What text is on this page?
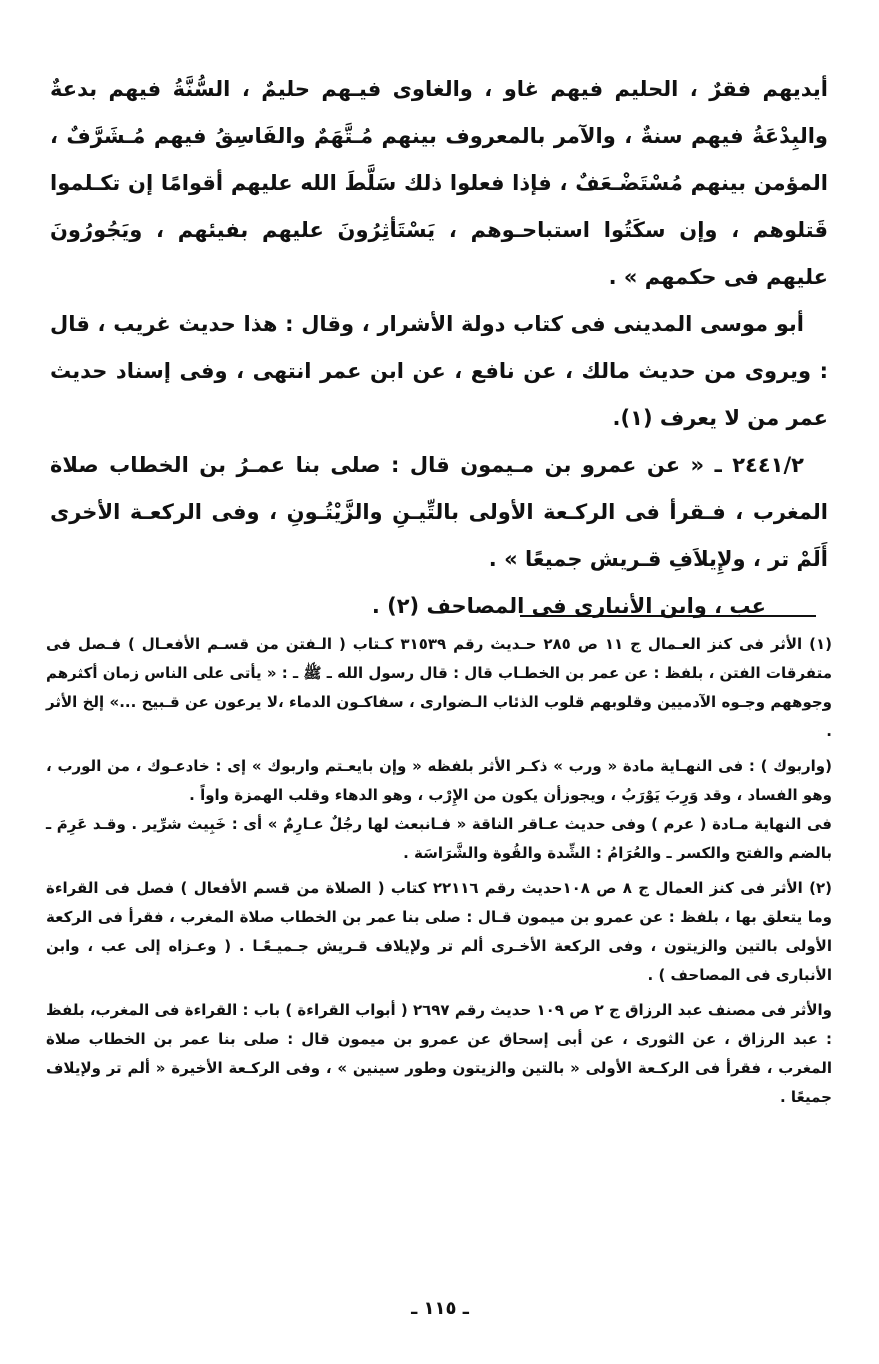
أيديهم فقرٌ ، الحليم فيهم غاو ، والغاوى فيـهم حليمٌ ، السُّنَّةُ فيهم بدعةٌ والبِدْعَةُ فيهم سنةٌ ، والآمر بالمعروف بينهم مُـتَّهَمٌ والفَاسِقُ فيهم مُـشَرَّفٌ ، المؤمن بينهم مُسْتَضْـعَفٌ ، فإذا فعلوا ذلك سَلَّطَ الله عليهم أقوامًا إن تكـلموا قَتلوهم ، وإن سكَتُوا استباحـوهم ، يَسْتَأثِرُونَ عليهم بفيئهم ، ويَجُورُونَ عليهم فى حكمهم » .

أبو موسى المدينى فى كتاب دولة الأشرار ، وقال : هذا حديث غريب ، قال : ويروى من حديث مالك ، عن نافع ، عن ابن عمر انتهى ، وفى إسناد حديث عمر من لا يعرف (١).

٢٤٤١/٢ ـ « عن عمرو بن مـيمون قال : صلى بنا عمـرُ بن الخطاب صلاة المغرب ، فـقرأ فى الركـعة الأولى بالتِّيـنِ والزَّيْتُـونِ ، وفى الركعـة الأخرى أَلَمْ تر ، ولإِيلاَفِ قـريش جميعًا » .

عب ، وابن الأنبارى فى المصاحف (٢) .

(١) الأثر فى كنز العـمال ج ١١ ص ٢٨٥ حـديث رقم ٣١٥٣٩ كـتاب ( الـفتن من قسـم الأفعـال ) فـصل فى متفرقات الفتن ، بلفظ : عن عمر بن الخطـاب قال : قال رسول الله ـ ﷺ ـ : « يأتى على الناس زمان أكثرهم وجوههم وجـوه الآدميين وقلوبهم قلوب الذئاب الـضوارى ، سفاكـون الدماء ،لا يرعون عن قـبيح ...» إلخ الأثر .

(واربوك ) : فى النهـاية مادة « ورب » ذكـر الأثر بلفظه « وإن بايعـتم واربوك » إى : خادعـوك ، من الورب ، وهو الفساد ، وقد وَرِبَ يَوْرَبُ ، ويجوزأن يكون من الإِرْب ، وهو الدهاء وقلب الهمزة واواً .

فى النهاية مـادة ( عرم ) وفى حديث عـاقر الناقة « فـانبعث لها رجُلٌ عـارِمٌ » أى : خَبِيث شرِّير . وقـد عَرِمَ ـ بالضم والفتح والكسر ـ والعُرَامُ : الشِّدة والقُوة والشَّرَاسَة .

(٢) الأثر فى كنز العمال ج ٨ ص ١٠٨حديث رقم ٢٢١١٦ كتاب ( الصلاة من قسم الأفعال ) فصل فى القراءة وما يتعلق بها ، بلفظ : عن عمرو بن ميمون قـال : صلى بنا عمر بن الخطاب صلاة المغرب ، فقرأ فى الركعة الأولى بالتين والزيتون ، وفى الركعة الأخـرى ألم تر ولإيلاف قـريش جـميـعًـا . ( وعـزاه إلى عب ، وابن الأنبارى فى المصاحف ) .

والأثر فى مصنف عبد الرزاق ج ٢ ص ١٠٩ حديث رقم ٢٦٩٧ ( أبواب القراءة ) باب : القراءة فى المغرب، بلفظ : عبد الرزاق ، عن الثورى ، عن أبى إسحاق عن عمرو بن ميمون قال : صلى بنا عمر بن الخطاب صلاة المغرب ، فقرأ فى الركـعة الأولى « بالتين والزيتون وطور سينين » ، وفى الركـعة الأخيرة « ألم تر ولإيلاف جميعًا .

ـ ١١٥ ـ
